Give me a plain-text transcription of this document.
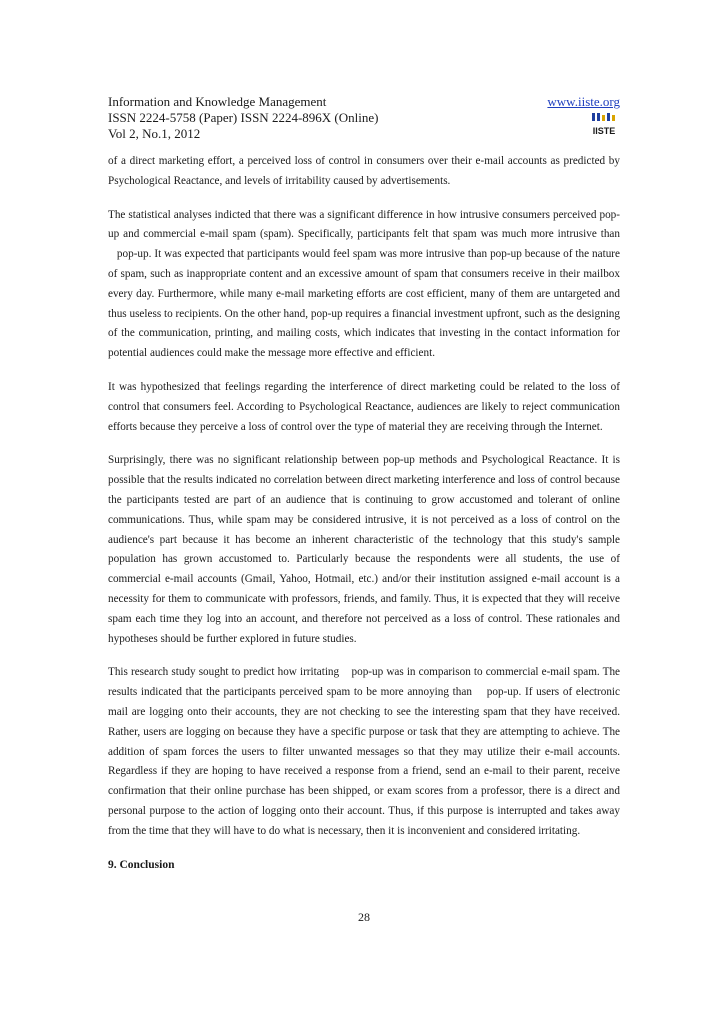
Information and Knowledge Management
ISSN 2224-5758 (Paper) ISSN 2224-896X (Online)
Vol 2, No.1, 2012
www.iiste.org
IISTE

of a direct marketing effort, a perceived loss of control in consumers over their e-mail accounts as predicted by Psychological Reactance, and levels of irritability caused by advertisements.

The statistical analyses indicted that there was a significant difference in how intrusive consumers perceived pop-up and commercial e-mail spam (spam). Specifically, participants felt that spam was much more intrusive than    pop-up. It was expected that participants would feel spam was more intrusive than pop-up because of the nature of spam, such as inappropriate content and an excessive amount of spam that consumers receive in their mailbox every day. Furthermore, while many e-mail marketing efforts are cost efficient, many of them are untargeted and thus useless to recipients. On the other hand, pop-up requires a financial investment upfront, such as the designing of the communication, printing, and mailing costs, which indicates that investing in the contact information for potential audiences could make the message more effective and efficient.

It was hypothesized that feelings regarding the interference of direct marketing could be related to the loss of control that consumers feel. According to Psychological Reactance, audiences are likely to reject communication efforts because they perceive a loss of control over the type of material they are receiving through the Internet.

Surprisingly, there was no significant relationship between pop-up methods and Psychological Reactance. It is possible that the results indicated no correlation between direct marketing interference and loss of control because the participants tested are part of an audience that is continuing to grow accustomed and tolerant of online communications. Thus, while spam may be considered intrusive, it is not perceived as a loss of control on the audience's part because it has become an inherent characteristic of the technology that this study's sample population has grown accustomed to. Particularly because the respondents were all students, the use of commercial e-mail accounts (Gmail, Yahoo, Hotmail, etc.) and/or their institution assigned e-mail account is a necessity for them to communicate with professors, friends, and family. Thus, it is expected that they will receive spam each time they log into an account, and therefore not perceived as a loss of control. These rationales and hypotheses should be further explored in future studies.

This research study sought to predict how irritating    pop-up was in comparison to commercial e-mail spam. The results indicated that the participants perceived spam to be more annoying than    pop-up. If users of electronic mail are logging onto their accounts, they are not checking to see the interesting spam that they have received. Rather, users are logging on because they have a specific purpose or task that they are attempting to achieve. The addition of spam forces the users to filter unwanted messages so that they may utilize their e-mail accounts. Regardless if they are hoping to have received a response from a friend, send an e-mail to their parent, receive confirmation that their online purchase has been shipped, or exam scores from a professor, there is a direct and personal purpose to the action of logging onto their account. Thus, if this purpose is interrupted and takes away from the time that they will have to do what is necessary, then it is inconvenient and considered irritating.

9. Conclusion
28
